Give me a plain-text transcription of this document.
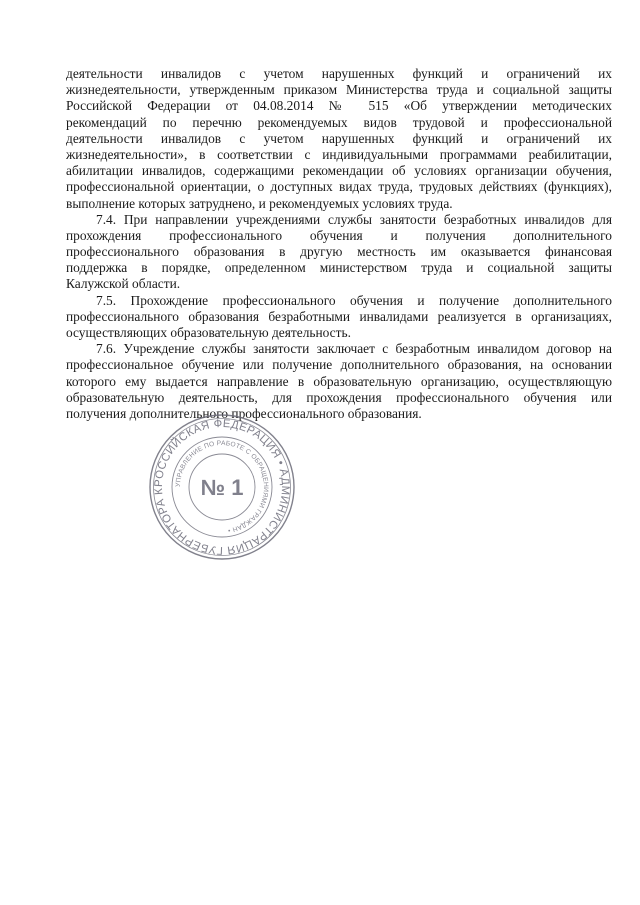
деятельности инвалидов с учетом нарушенных функций и ограничений их
жизнедеятельности, утвержденным приказом Министерства труда и социальной защиты
Российской Федерации от 04.08.2014 № 515 «Об утверждении методических
рекомендаций по перечню рекомендуемых видов трудовой и профессиональной
деятельности инвалидов с учетом нарушенных функций и ограничений их
жизнедеятельности», в соответствии с индивидуальными программами реабилитации,
абилитации инвалидов, содержащими рекомендации об условиях организации обучения,
профессиональной ориентации, о доступных видах труда, трудовых действиях (функциях),
выполнение которых затруднено, и рекомендуемых условиях труда.
7.4. При направлении учреждениями службы занятости безработных инвалидов для
прохождения профессионального обучения и получения дополнительного
профессионального образования в другую местность им оказывается финансовая
поддержка в порядке, определенном министерством труда и социальной защиты
Калужской области.
7.5. Прохождение профессионального обучения и получение дополнительного
профессионального образования безработными инвалидами реализуется в организациях,
осуществляющих образовательную деятельность.
7.6. Учреждение службы занятости заключает с безработным инвалидом договор на
профессиональное обучение или получение дополнительного образования, на основании
которого ему выдается направление в образовательную организацию, осуществляющую
образовательную деятельность, для прохождения профессионального обучения или
получения дополнительного профессионального образования.
РОССИЙСКАЯ ФЕДЕРАЦИЯ • АДМИНИСТРАЦИЯ ГУБЕРНАТОРА К
УПРАВЛЕНИЕ ПО РАБОТЕ С ОБРАЩЕНИЯМИ ГРАЖДАН •
№ 1
